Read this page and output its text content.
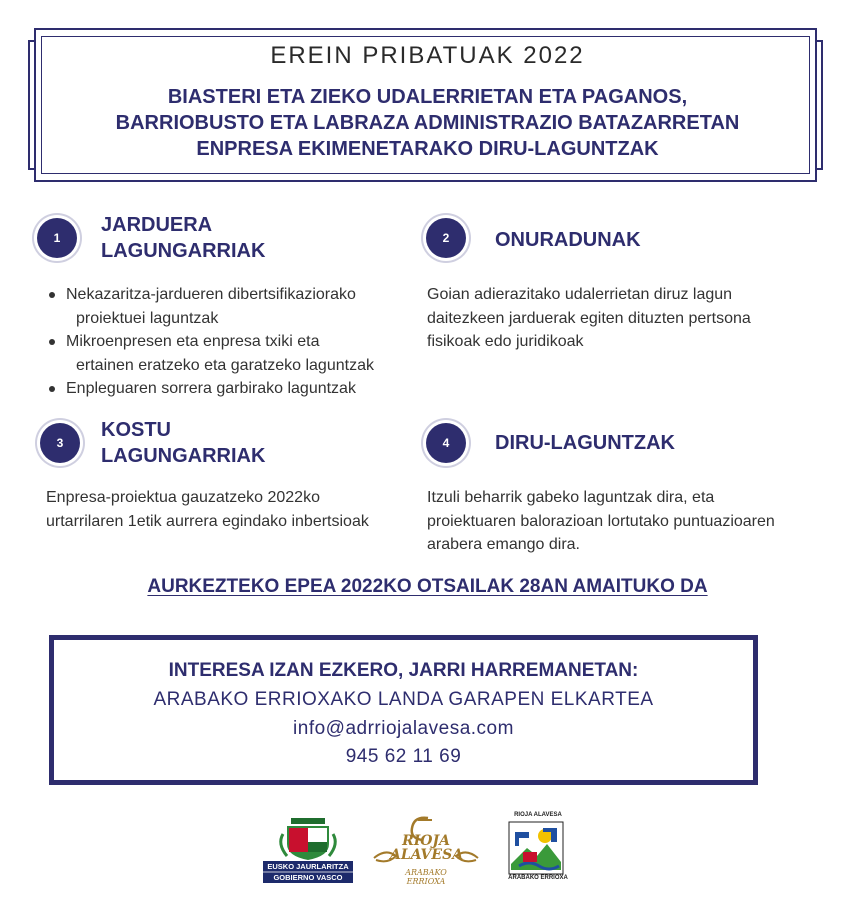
EREIN PRIBATUAK 2022
BIASTERI ETA ZIEKO UDALERRIETAN ETA PAGANOS,
BARRIOBUSTO ETA LABRAZA ADMINISTRAZIO BATAZARRETAN
ENPRESA EKIMENETARAKO DIRU-LAGUNTZAK
1
JARDUERA
LAGUNGARRIAK
Nekazaritza-jardueren dibertsifikaziorako
proiektuei laguntzak
Mikroenpresen eta enpresa txiki eta
ertainen eratzeko eta garatzeko laguntzak
Enpleguaren sorrera garbirako laguntzak
2	ONURADUNAK
Goian adierazitako udalerrietan diruz lagun
daitezkeen jarduerak egiten dituzten pertsona
fisikoak edo juridikoak
3
KOSTU
LAGUNGARRIAK
Enpresa-proiektua gauzatzeko 2022ko
urtarrilaren 1etik aurrera egindako inbertsioak
4	DIRU-LAGUNTZAK
Itzuli beharrik gabeko laguntzak dira, eta
proiektuaren balorazioan lortutako puntuazioaren
arabera emango dira.
AURKEZTEKO EPEA 2022KO OTSAILAK 28AN AMAITUKO DA
INTERESA IZAN EZKERO, JARRI HARREMANETAN:
ARABAKO ERRIOXAKO LANDA GARAPEN ELKARTEA
info@adrriojalavesa.com
945 62 11 69
EUSKO JAURLARITZA
GOBIERNO VASCO
RIOJA
ALAVESA
ARABAKO ERRIOXA
RIOJA ALAVESA
ARABAKO ERRIOXA
